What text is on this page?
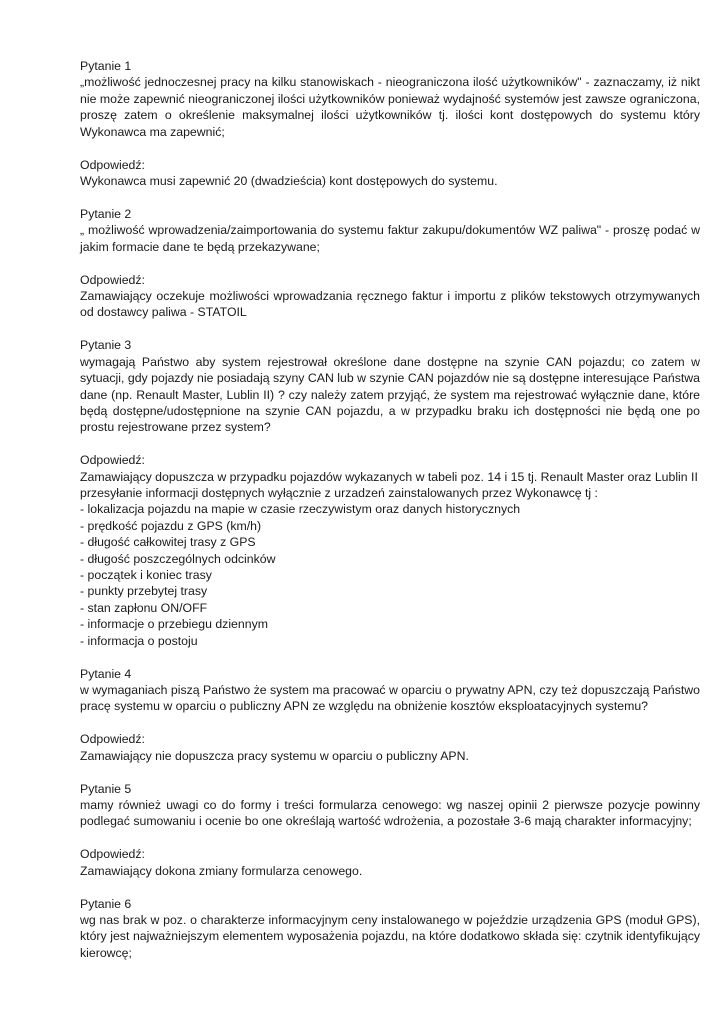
Pytanie 1
„możliwość jednoczesnej pracy na kilku stanowiskach - nieograniczona ilość użytkowników" - zaznaczamy, iż nikt nie może zapewnić nieograniczonej ilości użytkowników ponieważ wydajność systemów jest zawsze ograniczona, proszę zatem o określenie maksymalnej ilości użytkowników tj. ilości kont dostępowych do systemu który Wykonawca ma zapewnić;
Odpowiedź:
Wykonawca musi zapewnić 20 (dwadzieścia) kont dostępowych do systemu.
Pytanie 2
„ możliwość wprowadzenia/zaimportowania do systemu faktur zakupu/dokumentów WZ paliwa" - proszę podać w jakim formacie dane te będą przekazywane;
Odpowiedź:
Zamawiający oczekuje możliwości wprowadzania ręcznego faktur i importu z plików tekstowych otrzymywanych od dostawcy paliwa - STATOIL
Pytanie 3
wymagają Państwo aby system rejestrował określone dane dostępne na szynie CAN pojazdu; co zatem w sytuacji, gdy pojazdy nie posiadają szyny CAN lub w szynie CAN pojazdów nie są dostępne interesujące Państwa dane (np. Renault Master, Lublin II) ? czy należy zatem przyjąć, że system ma rejestrować wyłącznie dane, które będą dostępne/udostępnione na szynie CAN pojazdu, a w przypadku braku ich dostępności nie będą one po prostu rejestrowane przez system?
Odpowiedź:
Zamawiający dopuszcza w przypadku pojazdów wykazanych w tabeli poz. 14 i 15 tj. Renault Master oraz Lublin II
przesyłanie informacji dostępnych wyłącznie z urzadzeń zainstalowanych przez Wykonawcę tj :
- lokalizacja pojazdu na mapie w czasie rzeczywistym oraz danych historycznych
- prędkość pojazdu z GPS (km/h)
- długość całkowitej trasy z GPS
- długość poszczególnych odcinków
- początek i koniec trasy
- punkty przebytej trasy
- stan zapłonu ON/OFF
- informacje o przebiegu dziennym
- informacja o postoju
Pytanie 4
w wymaganiach piszą Państwo że system ma pracować w oparciu o prywatny APN, czy też dopuszczają Państwo pracę systemu w oparciu o publiczny APN ze względu na obniżenie kosztów eksploatacyjnych systemu?
Odpowiedź:
Zamawiający nie dopuszcza pracy systemu w oparciu o publiczny APN.
Pytanie 5
mamy również uwagi co do formy i treści formularza cenowego: wg naszej opinii 2 pierwsze pozycje powinny podlegać sumowaniu i ocenie bo one określają wartość wdrożenia, a pozostałe 3-6 mają charakter informacyjny;
Odpowiedź:
Zamawiający dokona zmiany formularza cenowego.
Pytanie 6
wg nas brak w poz. o charakterze informacyjnym ceny instalowanego w pojeździe urządzenia GPS (moduł GPS), który jest najważniejszym elementem wyposażenia pojazdu, na które dodatkowo składa się: czytnik identyfikujący kierowcę;
